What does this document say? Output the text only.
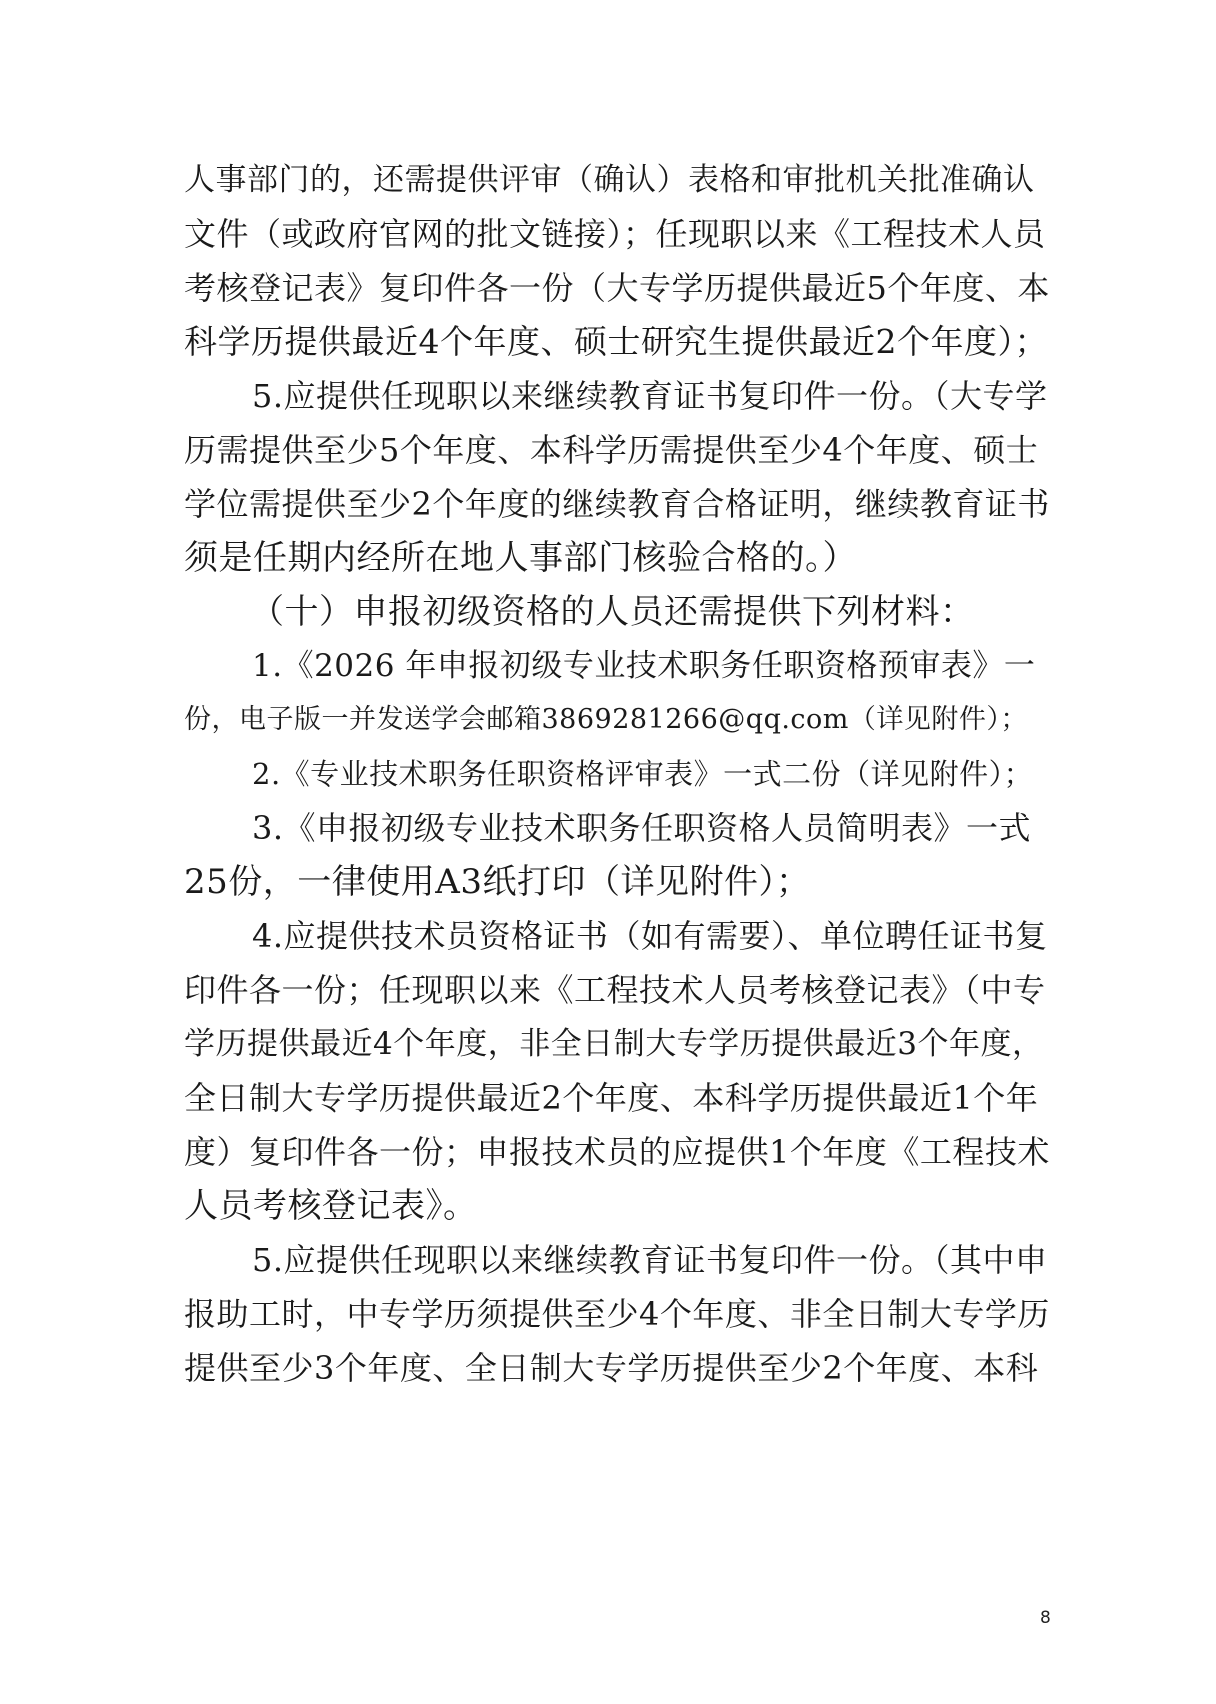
人事部门的，还需提供评审（确认）表格和审批机关批准确认
文件（或政府官网的批文链接）；任现职以来《工程技术人员
考核登记表》复印件各一份（大专学历提供最近5个年度、本
科学历提供最近4个年度、硕士研究生提供最近2个年度）；
5.应提供任现职以来继续教育证书复印件一份。（大专学
历需提供至少5个年度、本科学历需提供至少4个年度、硕士
学位需提供至少2个年度的继续教育合格证明，继续教育证书
须是任期内经所在地人事部门核验合格的。）
（十）申报初级资格的人员还需提供下列材料：
1.《2026 年申报初级专业技术职务任职资格预审表》一
份，电子版一并发送学会邮箱3869281266@qq.com（详见附件）；
2.《专业技术职务任职资格评审表》一式二份（详见附件）；
3.《申报初级专业技术职务任职资格人员简明表》一式
25份，一律使用A3纸打印（详见附件）；
4.应提供技术员资格证书（如有需要）、单位聘任证书复
印件各一份；任现职以来《工程技术人员考核登记表》（中专
学历提供最近4个年度，非全日制大专学历提供最近3个年度，
全日制大专学历提供最近2个年度、本科学历提供最近1个年
度）复印件各一份；申报技术员的应提供1个年度《工程技术
人员考核登记表》。
5.应提供任现职以来继续教育证书复印件一份。（其中申
报助工时，中专学历须提供至少4个年度、非全日制大专学历
提供至少3个年度、全日制大专学历提供至少2个年度、本科
8
